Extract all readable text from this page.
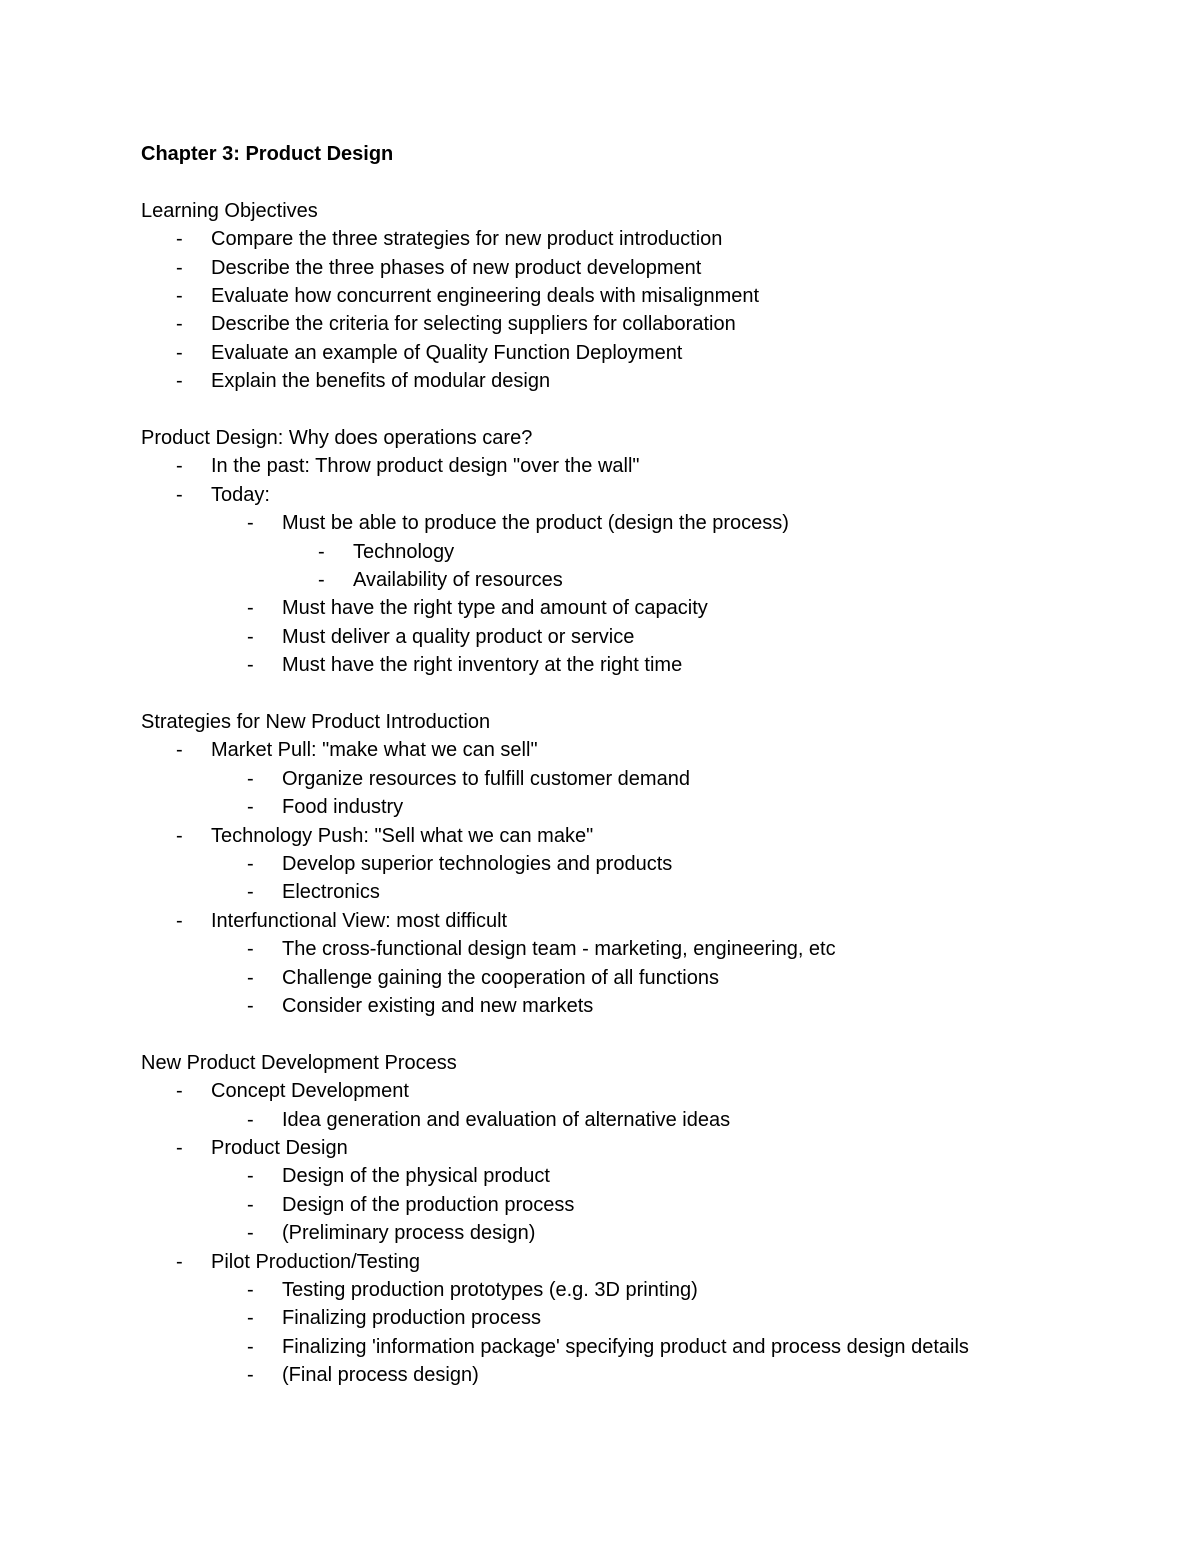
Chapter 3: Product Design
Learning Objectives
- Compare the three strategies for new product introduction
- Describe the three phases of new product development
- Evaluate how concurrent engineering deals with misalignment
- Describe the criteria for selecting suppliers for collaboration
- Evaluate an example of Quality Function Deployment
- Explain the benefits of modular design
Product Design: Why does operations care?
- In the past: Throw product design "over the wall"
- Today:
- Must be able to produce the product (design the process)
- Technology
- Availability of resources
- Must have the right type and amount of capacity
- Must deliver a quality product or service
- Must have the right inventory at the right time
Strategies for New Product Introduction
- Market Pull: "make what we can sell"
- Organize resources to fulfill customer demand
- Food industry
- Technology Push: "Sell what we can make"
- Develop superior technologies and products
- Electronics
- Interfunctional View: most difficult
- The cross-functional design team - marketing, engineering, etc
- Challenge gaining the cooperation of all functions
- Consider existing and new markets
New Product Development Process
- Concept Development
- Idea generation and evaluation of alternative ideas
- Product Design
- Design of the physical product
- Design of the production process
- (Preliminary process design)
- Pilot Production/Testing
- Testing production prototypes (e.g. 3D printing)
- Finalizing production process
- Finalizing 'information package' specifying product and process design details
- (Final process design)
